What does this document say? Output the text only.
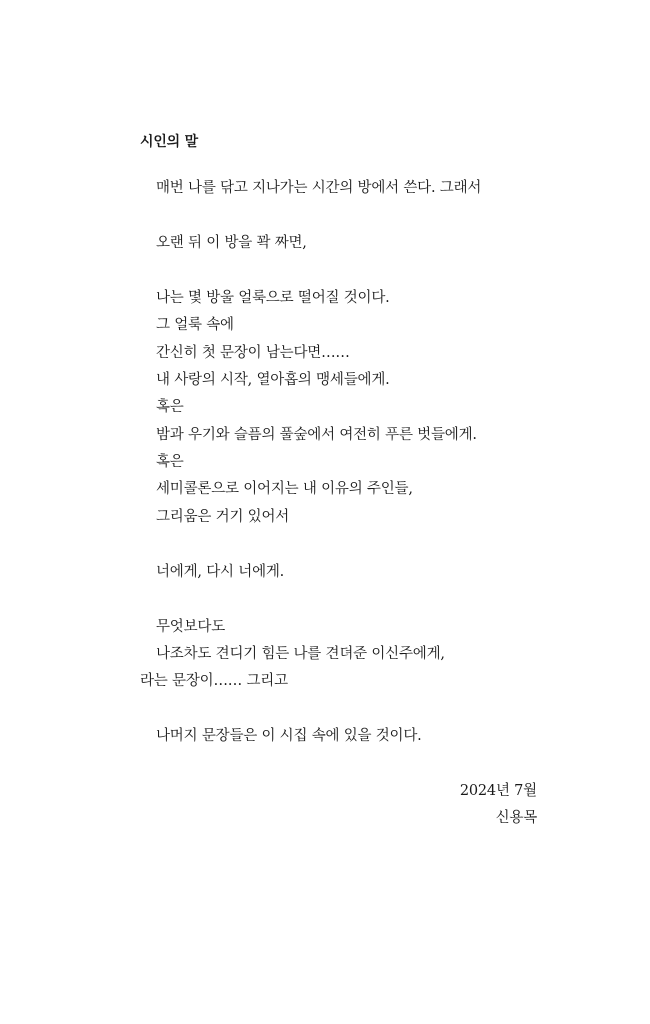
시인의 말
매번 나를 닦고 지나가는 시간의 방에서 쓴다. 그래서
오랜 뒤 이 방을 꽉 짜면,
나는 몇 방울 얼룩으로 떨어질 것이다.
그 얼룩 속에
간신히 첫 문장이 남는다면……
내 사랑의 시작, 열아홉의 맹세들에게.
혹은
밤과 우기와 슬픔의 풀숲에서 여전히 푸른 벗들에게.
혹은
세미콜론으로 이어지는 내 이유의 주인들,
그리움은 거기 있어서
너에게, 다시 너에게.
무엇보다도
나조차도 견디기 힘든 나를 견뎌준 이신주에게,
라는 문장이…… 그리고
나머지 문장들은 이 시집 속에 있을 것이다.
2024년 7월
신용목
